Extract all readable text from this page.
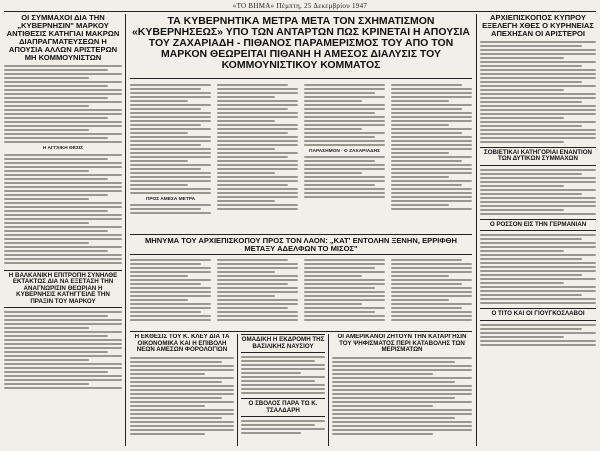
«ΤΟ ΒΗΜΑ» Πέμπτη, 25 Δεκεμβρίου 1947
ΟΙ ΣΥΜΜΑΧΟΙ ΔΙΑ ΤΗΝ „ΚΥΒΕΡΝΗΣΙΝ" ΜΑΡΚΟΥ ΑΝΤΙΘΕΣΙΣ ΚΑΤΗΓΙΑΙ ΜΑΚΡΩΝ ΔΙΑΠΡΑΓΜΑΤΕΥΣΕΩΝ Η ΑΠΟΥΣΙΑ ΑΛΛΩΝ ΑΡΙΣΤΕΡΩΝ ΜΗ ΚΟΜΜΟΥΝΙΣΤΩΝ
Η ΑΓΓΛΙΚΗ ΘΕΣΙΣ
Η ΒΑΛΚΑΝΙΚΗ ΕΠΙΤΡΟΠΗ ΣΥΝΗΛΘΕ ΕΚΤΑΚΤΩΣ ΔΙΑ ΝΑ ΕΞΕΤΑΣΗ ΤΗΝ ΑΝΑΓΝΩΡΙΣΙΝ ΘΕΩΡΙΑΝ Η ΚΥΒΕΡΝΗΣΙΣ ΚΑΤΗΓΓΕΙΛΕ ΤΗΝ ΠΡΑΞΙΝ ΤΟΥ ΜΑΡΚΟΥ
ΤΑ ΚΥΒΕΡΝΗΤΙΚΑ ΜΕΤΡΑ ΜΕΤΑ ΤΟΝ ΣΧΗΜΑΤΙΣΜΟΝ «ΚΥΒΕΡΝΗΣΕΩΣ» ΥΠΟ ΤΩΝ ΑΝΤΑΡΤΩΝ ΠΩΣ ΚΡΙΝΕΤΑΙ Η ΑΠΟΥΣΙΑ ΤΟΥ ΖΑΧΑΡΙΑΔΗ - ΠΙΘΑΝΟΣ ΠΑΡΑΜΕΡΙΣΜΟΣ ΤΟΥ ΑΠΟ ΤΟΝ ΜΑΡΚΟΝ ΘΕΩΡΕΙΤΑΙ ΠΙΘΑΝΗ Η ΑΜΕΣΟΣ ΔΙΑΛΥΣΙΣ ΤΟΥ ΚΟΜΜΟΥΝΙΣΤΙΚΟΥ ΚΟΜΜΑΤΟΣ
ΠΡΟΣ ΑΜΕΣΑ ΜΕΤΡΑ
ΠΑΡΑΣΗΜΟΝ · Ο ΖΑΧΑΡΙΑΔΗΣ
ΜΗΝΥΜΑ ΤΟΥ ΑΡΧΙΕΠΙΣΚΟΠΟΥ ΠΡΟΣ ΤΟΝ ΛΑΟΝ: „ΚΑΤ' ΕΝΤΟΛΗΝ ΞΕΝΗΝ, ΕΡΡΙΦΘΗ ΜΕΤΑΞΥ ΑΔΕΛΦΩΝ ΤΟ ΜΙΣΟΣ"
Η ΕΚΘΕΣΙΣ ΤΟΥ Κ. ΚΛΕΥ ΔΙΑ ΤΑ ΟΙΚΟΝΟΜΙΚΑ ΚΑΙ Η ΕΠΙΒΟΛΗ ΝΕΩΝ ΑΜΕΣΩΝ ΦΟΡΟΛΟΓΙΩΝ
ΟΜΑΔΙΚΗ Η ΕΚΔΡΟΜΗ ΤΗΣ ΒΑΣΙΛΙΚΗΣ ΝΑΥΣΙΟΥ
Ο ΣΒΟΛΟΣ ΠΑΡΑ ΤΩ Κ. ΤΣΑΛΔΑΡΗ
ΟΙ ΑΜΕΡΙΚΑΝΟΙ ΖΗΤΟΥΝ ΤΗΝ ΚΑΤΑΡΓΗΣΙΝ ΤΟΥ ΨΗΦΙΣΜΑΤΟΣ ΠΕΡΙ ΚΑΤΑΒΟΛΗΣ ΤΩΝ ΜΕΡΙΣΜΑΤΩΝ
ΑΡΧΙΕΠΙΣΚΟΠΟΣ ΚΥΠΡΟΥ ΕΞΕΛΕΓΗ ΧΘΕΣ Ο ΚΥΡΗΝΕΙΑΣ ΑΠΕΧΗΣΑΝ ΟΙ ΑΡΙΣΤΕΡΟΙ
ΣΟΒΙΕΤΙΚΑΙ ΚΑΤΗΓΟΡΙΑΙ ΕΝΑΝΤΙΟΝ ΤΩΝ ΔΥΤΙΚΩΝ ΣΥΜΜΑΧΩΝ
Ο ΡΟΣΣΟΝ ΕΙΣ ΤΗΝ ΓΕΡΜΑΝΙΑΝ
Ο ΤΙΤΟ ΚΑΙ ΟΙ ΓΙΟΥΓΚΟΣΛΑΒΟΙ
